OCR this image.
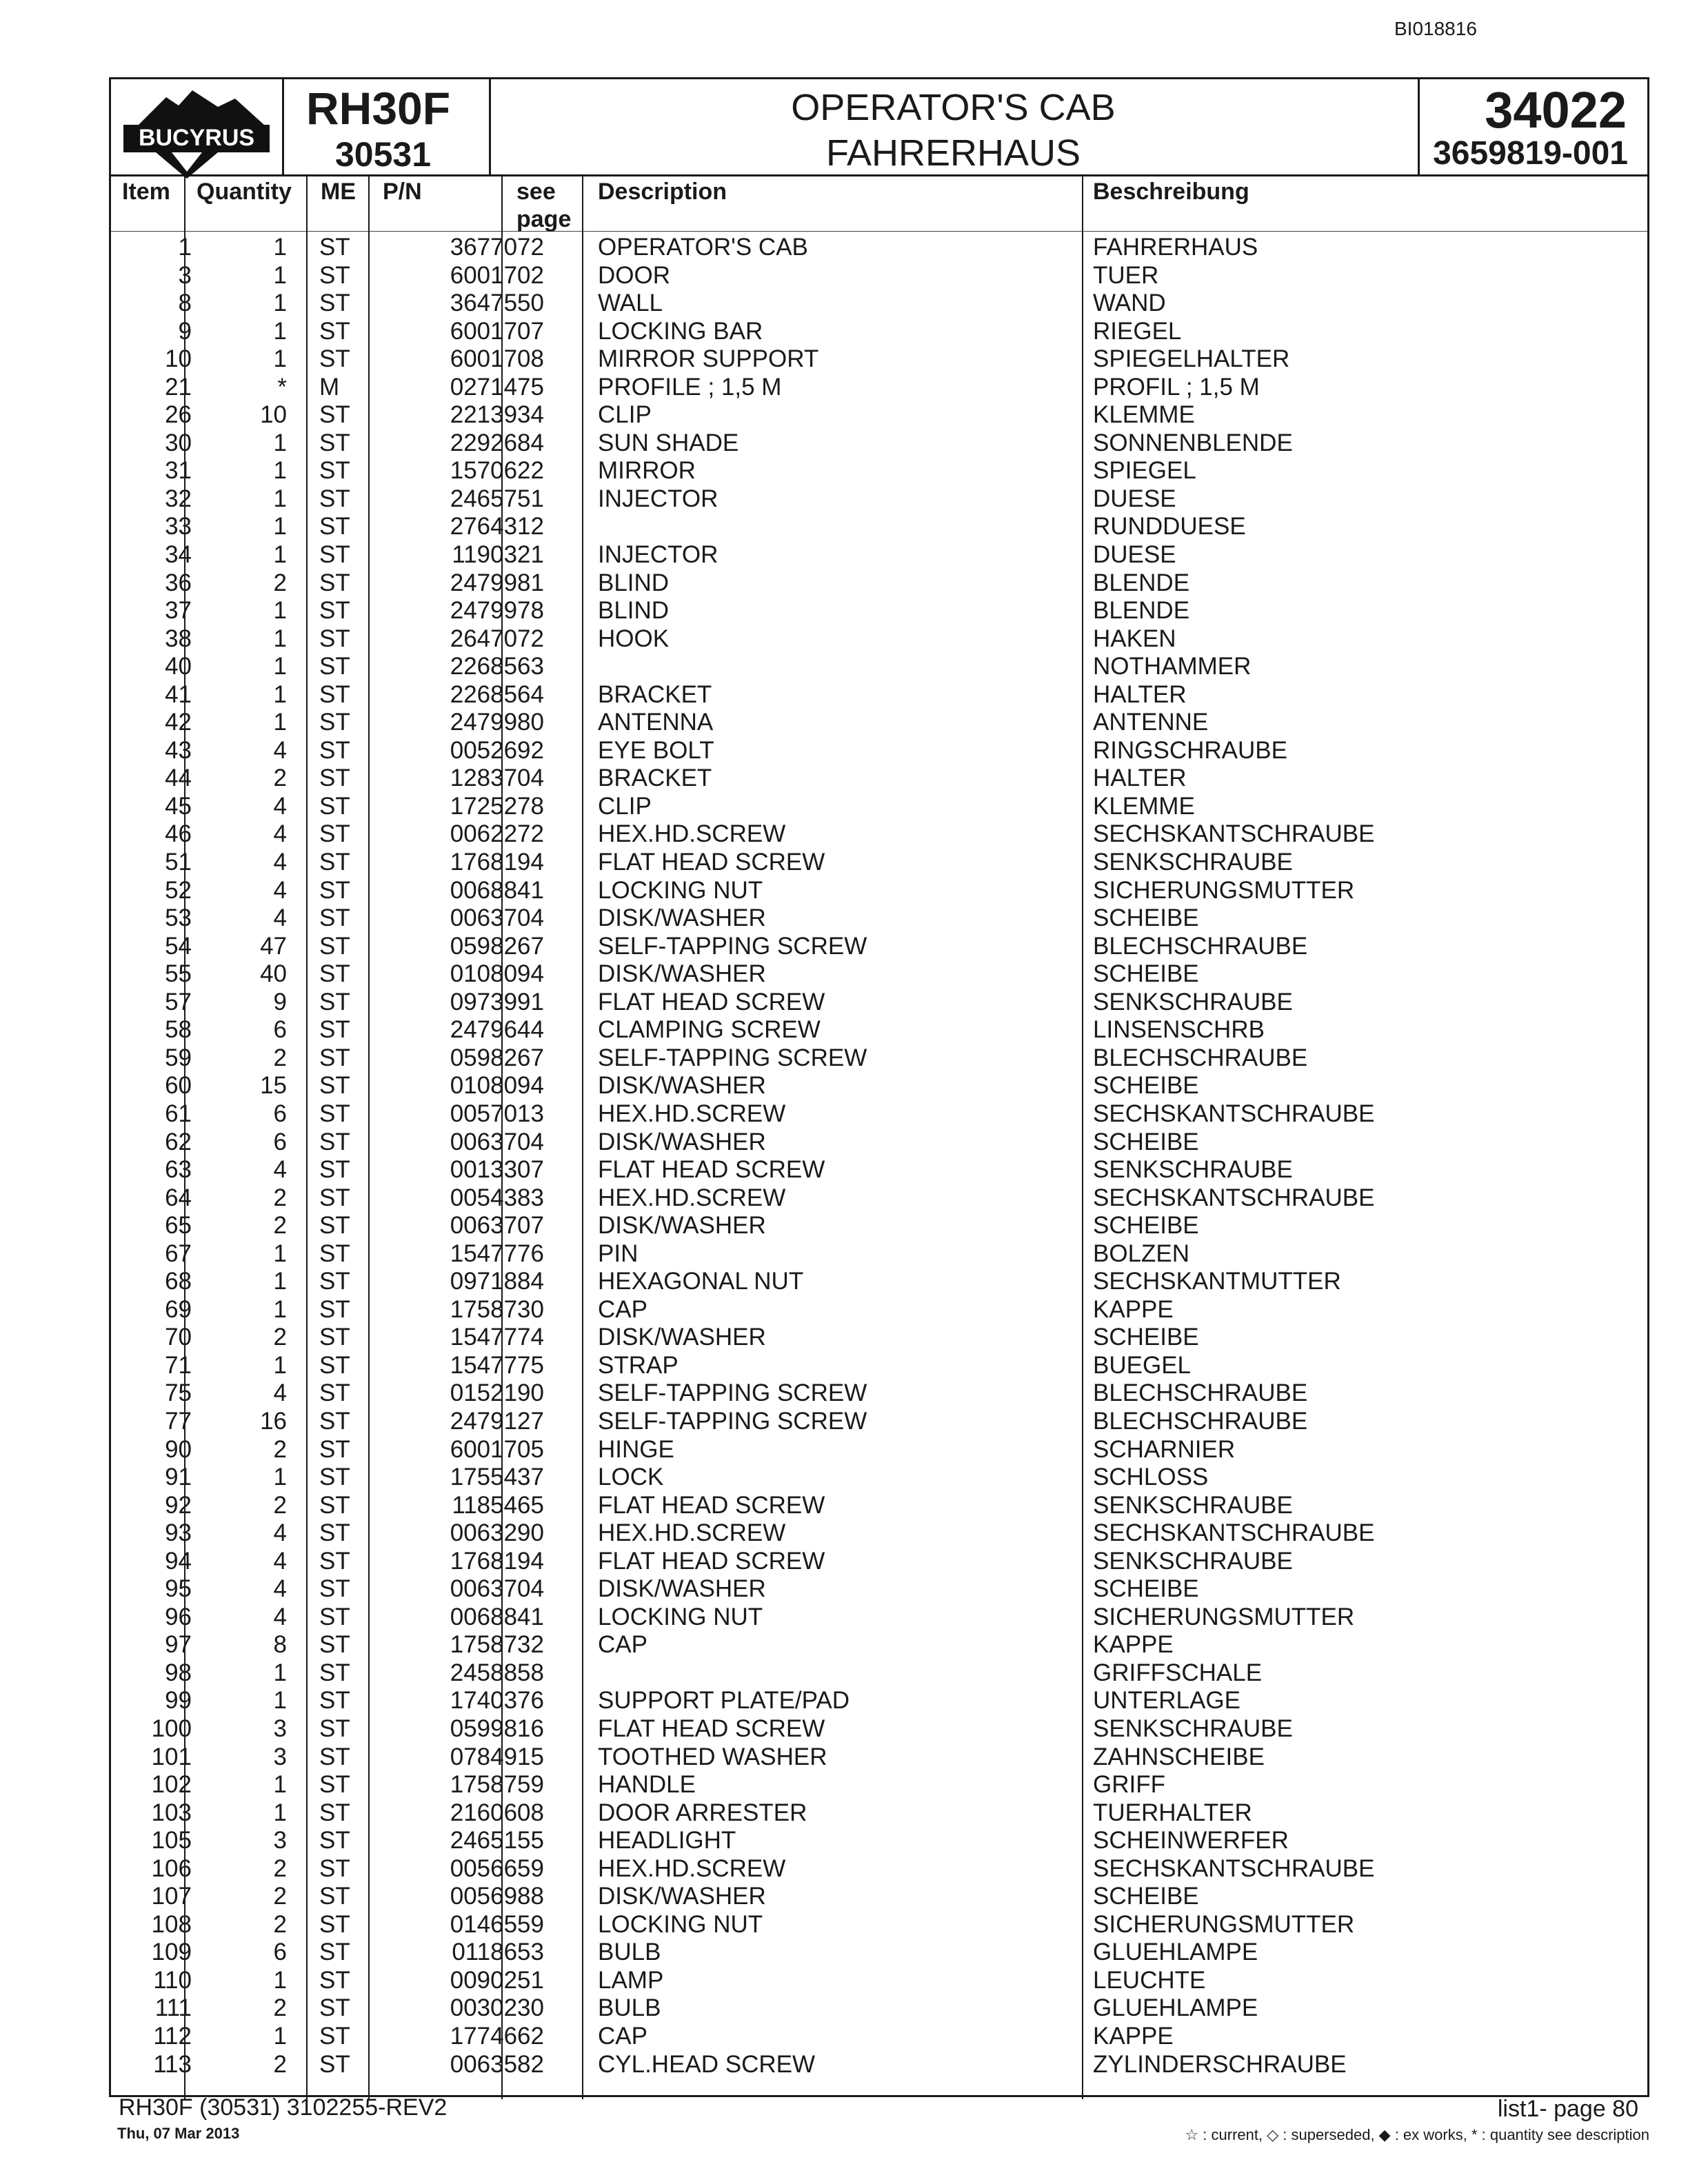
BI018816
BUCYRUS
RH30F
30531
OPERATOR'S CAB
FAHRERHAUS
34022
3659819-001
Item Quantity ME P/N	see
page
Description	Beschreibung
1	1 ST	3677072 OPERATOR'S CAB	FAHRERHAUS
3	1 ST	6001702 DOOR	TUER
8	1 ST	3647550 WALL	WAND
9	1 ST	6001707 LOCKING BAR	RIEGEL
10	1 ST	6001708 MIRROR SUPPORT	SPIEGELHALTER
21	* M	0271475 PROFILE ; 1,5 M	PROFIL ; 1,5 M
26	10 ST	2213934 CLIP	KLEMME
30	1 ST	2292684 SUN SHADE	SONNENBLENDE
31	1 ST	1570622 MIRROR	SPIEGEL
32	1 ST	2465751 INJECTOR	DUESE
33	1 ST	2764312	RUNDDUESE
34	1 ST	1190321 INJECTOR	DUESE
36	2 ST	2479981 BLIND	BLENDE
37	1 ST	2479978 BLIND	BLENDE
38	1 ST	2647072 HOOK	HAKEN
40	1 ST	2268563	NOTHAMMER
41	1 ST	2268564 BRACKET	HALTER
42	1 ST	2479980 ANTENNA	ANTENNE
43	4 ST	0052692 EYE BOLT	RINGSCHRAUBE
44	2 ST	1283704 BRACKET	HALTER
45	4 ST	1725278 CLIP	KLEMME
46	4 ST	0062272 HEX.HD.SCREW	SECHSKANTSCHRAUBE
51	4 ST	1768194 FLAT HEAD SCREW	SENKSCHRAUBE
52	4 ST	0068841 LOCKING NUT	SICHERUNGSMUTTER
53	4 ST	0063704 DISK/WASHER	SCHEIBE
54	47 ST	0598267 SELF-TAPPING SCREW	BLECHSCHRAUBE
55	40 ST	0108094 DISK/WASHER	SCHEIBE
57	9 ST	0973991 FLAT HEAD SCREW	SENKSCHRAUBE
58	6 ST	2479644 CLAMPING SCREW	LINSENSCHRB
59	2 ST	0598267 SELF-TAPPING SCREW	BLECHSCHRAUBE
60	15 ST	0108094 DISK/WASHER	SCHEIBE
61	6 ST	0057013 HEX.HD.SCREW	SECHSKANTSCHRAUBE
62	6 ST	0063704 DISK/WASHER	SCHEIBE
63	4 ST	0013307 FLAT HEAD SCREW	SENKSCHRAUBE
64	2 ST	0054383 HEX.HD.SCREW	SECHSKANTSCHRAUBE
65	2 ST	0063707 DISK/WASHER	SCHEIBE
67	1 ST	1547776 PIN	BOLZEN
68	1 ST	0971884 HEXAGONAL NUT	SECHSKANTMUTTER
69	1 ST	1758730 CAP	KAPPE
70	2 ST	1547774 DISK/WASHER	SCHEIBE
71	1 ST	1547775 STRAP	BUEGEL
75	4 ST	0152190 SELF-TAPPING SCREW	BLECHSCHRAUBE
77	16 ST	2479127 SELF-TAPPING SCREW	BLECHSCHRAUBE
90	2 ST	6001705 HINGE	SCHARNIER
91	1 ST	1755437 LOCK	SCHLOSS
92	2 ST	1185465 FLAT HEAD SCREW	SENKSCHRAUBE
93	4 ST	0063290 HEX.HD.SCREW	SECHSKANTSCHRAUBE
94	4 ST	1768194 FLAT HEAD SCREW	SENKSCHRAUBE
95	4 ST	0063704 DISK/WASHER	SCHEIBE
96	4 ST	0068841 LOCKING NUT	SICHERUNGSMUTTER
97	8 ST	1758732 CAP	KAPPE
98	1 ST	2458858	GRIFFSCHALE
99	1 ST	1740376 SUPPORT PLATE/PAD	UNTERLAGE
100	3 ST	0599816 FLAT HEAD SCREW	SENKSCHRAUBE
101	3 ST	0784915 TOOTHED WASHER	ZAHNSCHEIBE
102	1 ST	1758759 HANDLE	GRIFF
103	1 ST	2160608 DOOR ARRESTER	TUERHALTER
105	3 ST	2465155 HEADLIGHT	SCHEINWERFER
106	2 ST	0056659 HEX.HD.SCREW	SECHSKANTSCHRAUBE
107	2 ST	0056988 DISK/WASHER	SCHEIBE
108	2 ST	0146559 LOCKING NUT	SICHERUNGSMUTTER
109	6 ST	0118653 BULB	GLUEHLAMPE
110	1 ST	0090251 LAMP	LEUCHTE
111	2 ST	0030230 BULB	GLUEHLAMPE
112	1 ST	1774662 CAP	KAPPE
113	2 ST	0063582 CYL.HEAD SCREW	ZYLINDERSCHRAUBE
RH30F (30531) 3102255-REV2
Thu, 07 Mar 2013
list1- page 80
☆ : current, ◇ : superseded, ◆ : ex works, * : quantity see description
